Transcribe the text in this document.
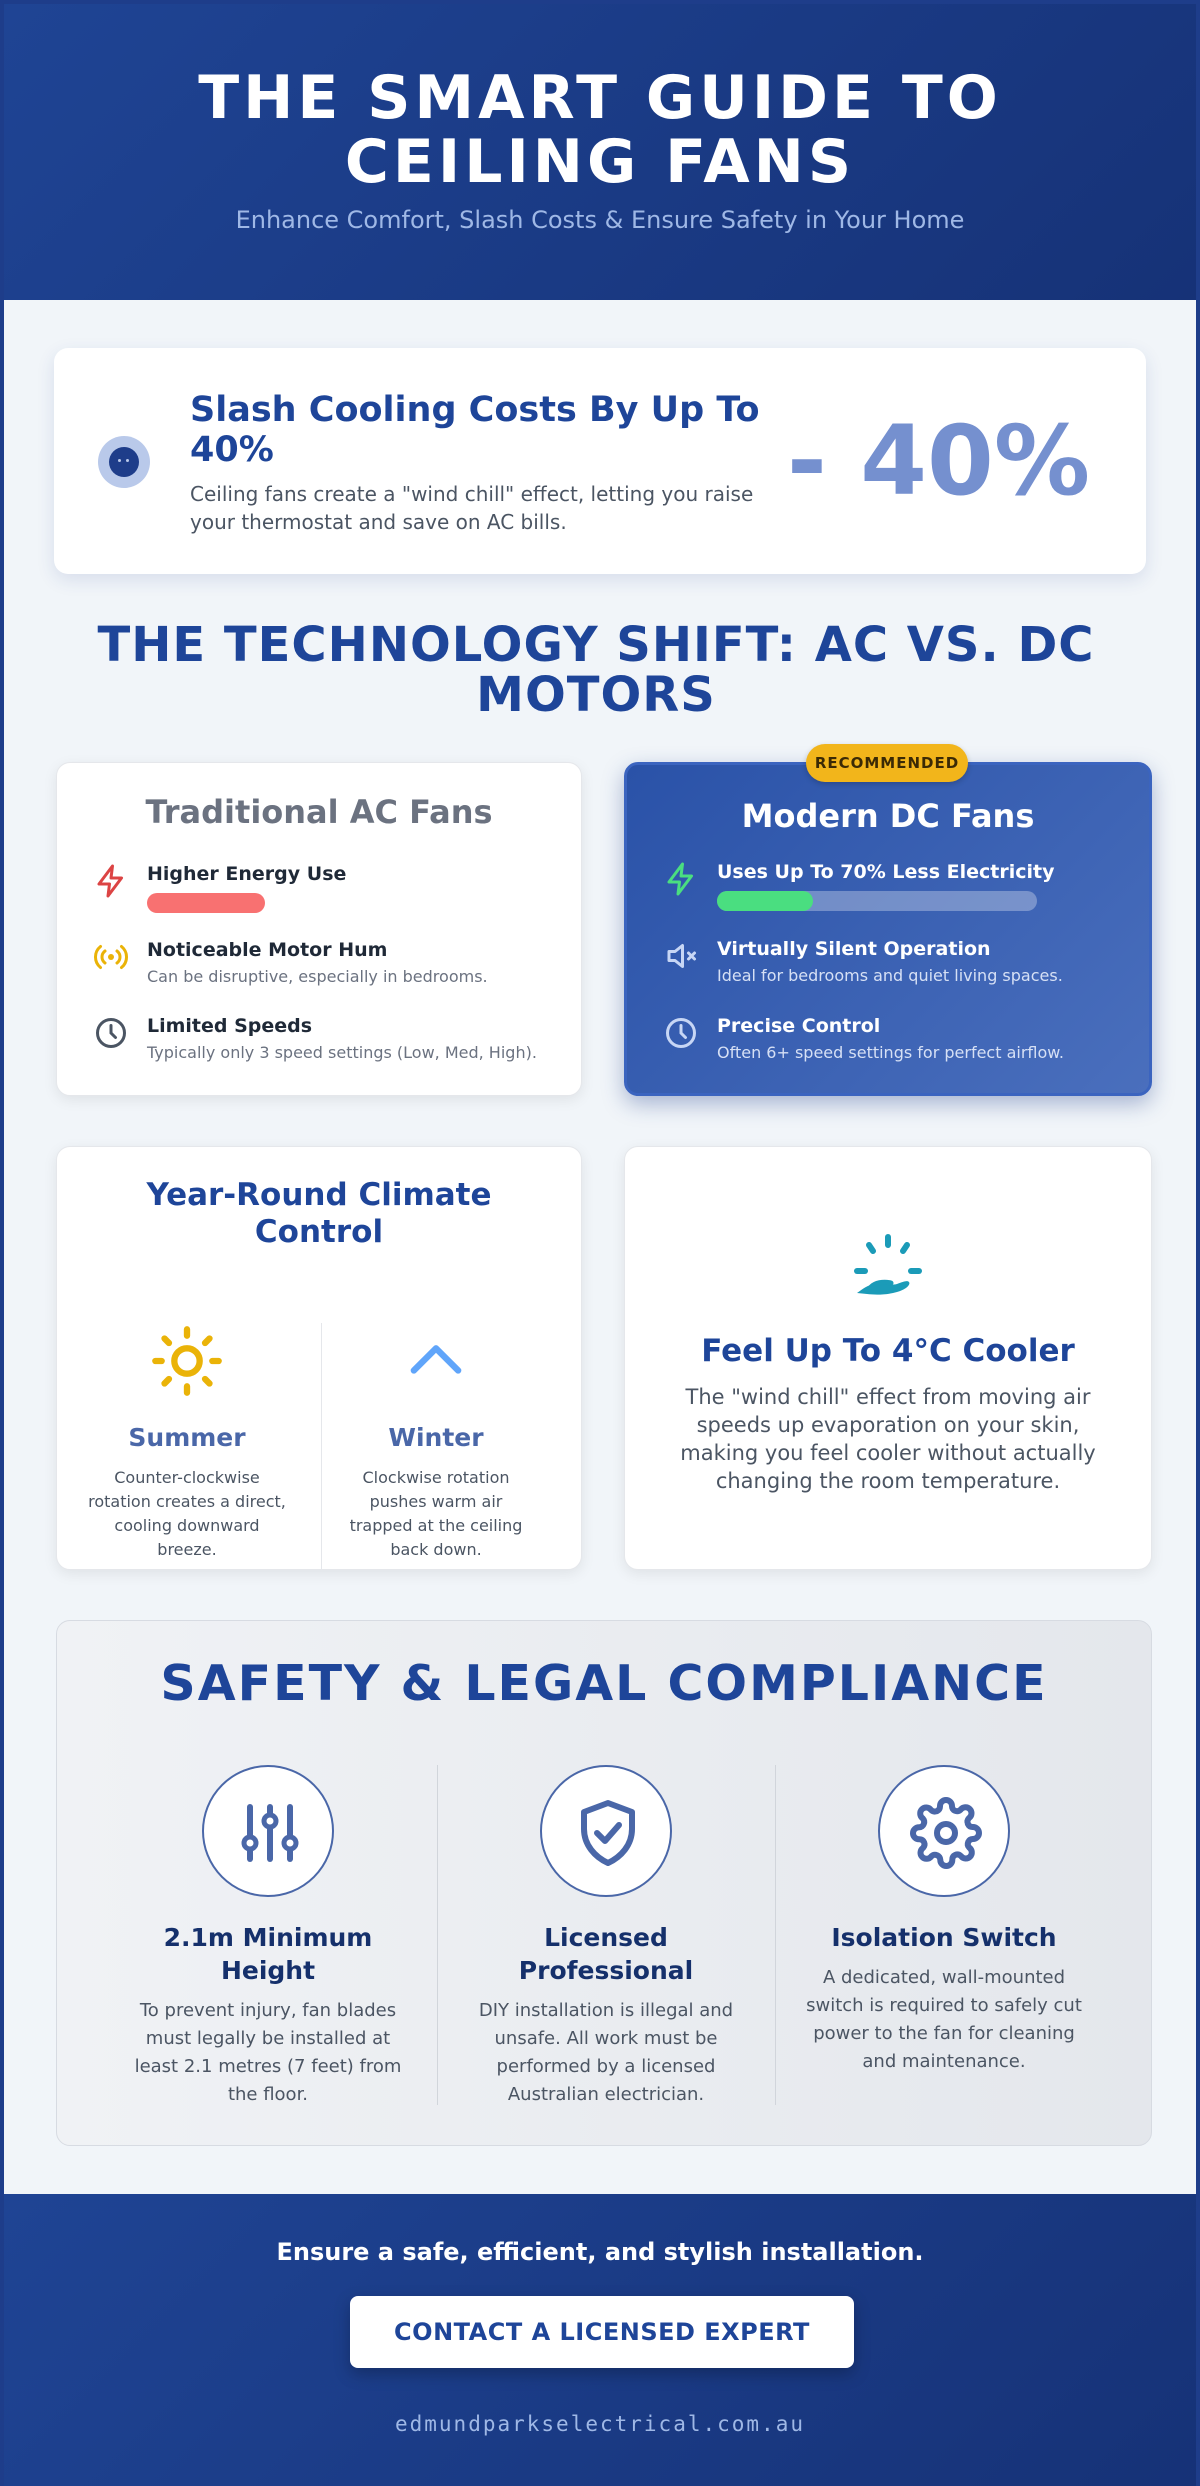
THE SMART GUIDE TO CEILING FANS
Enhance Comfort, Slash Costs & Ensure Safety in Your Home
Slash Cooling Costs By Up To 40%
Ceiling fans create a "wind chill" effect, letting you raise your thermostat and save on AC bills.
- 40%
THE TECHNOLOGY SHIFT: AC VS. DC MOTORS
Traditional AC Fans
Higher Energy Use
Noticeable Motor Hum
Can be disruptive, especially in bedrooms.
Limited Speeds
Typically only 3 speed settings (Low, Med, High).
Modern DC Fans
Uses Up To 70% Less Electricity
Virtually Silent Operation
Ideal for bedrooms and quiet living spaces.
Precise Control
Often 6+ speed settings for perfect airflow.
RECOMMENDED
Year-Round Climate Control
Summer
Counter-clockwise rotation creates a direct, cooling downward breeze.
Winter
Clockwise rotation pushes warm air trapped at the ceiling back down.
Feel Up To 4°C Cooler
The "wind chill" effect from moving air speeds up evaporation on your skin, making you feel cooler without actually changing the room temperature.
SAFETY & LEGAL COMPLIANCE
2.1m Minimum Height
To prevent injury, fan blades must legally be installed at least 2.1 metres (7 feet) from the floor.
Licensed Professional
DIY installation is illegal and unsafe. All work must be performed by a licensed Australian electrician.
Isolation Switch
A dedicated, wall-mounted switch is required to safely cut power to the fan for cleaning and maintenance.
Ensure a safe, efficient, and stylish installation.
CONTACT A LICENSED EXPERT
edmundparkselectrical.com.au
